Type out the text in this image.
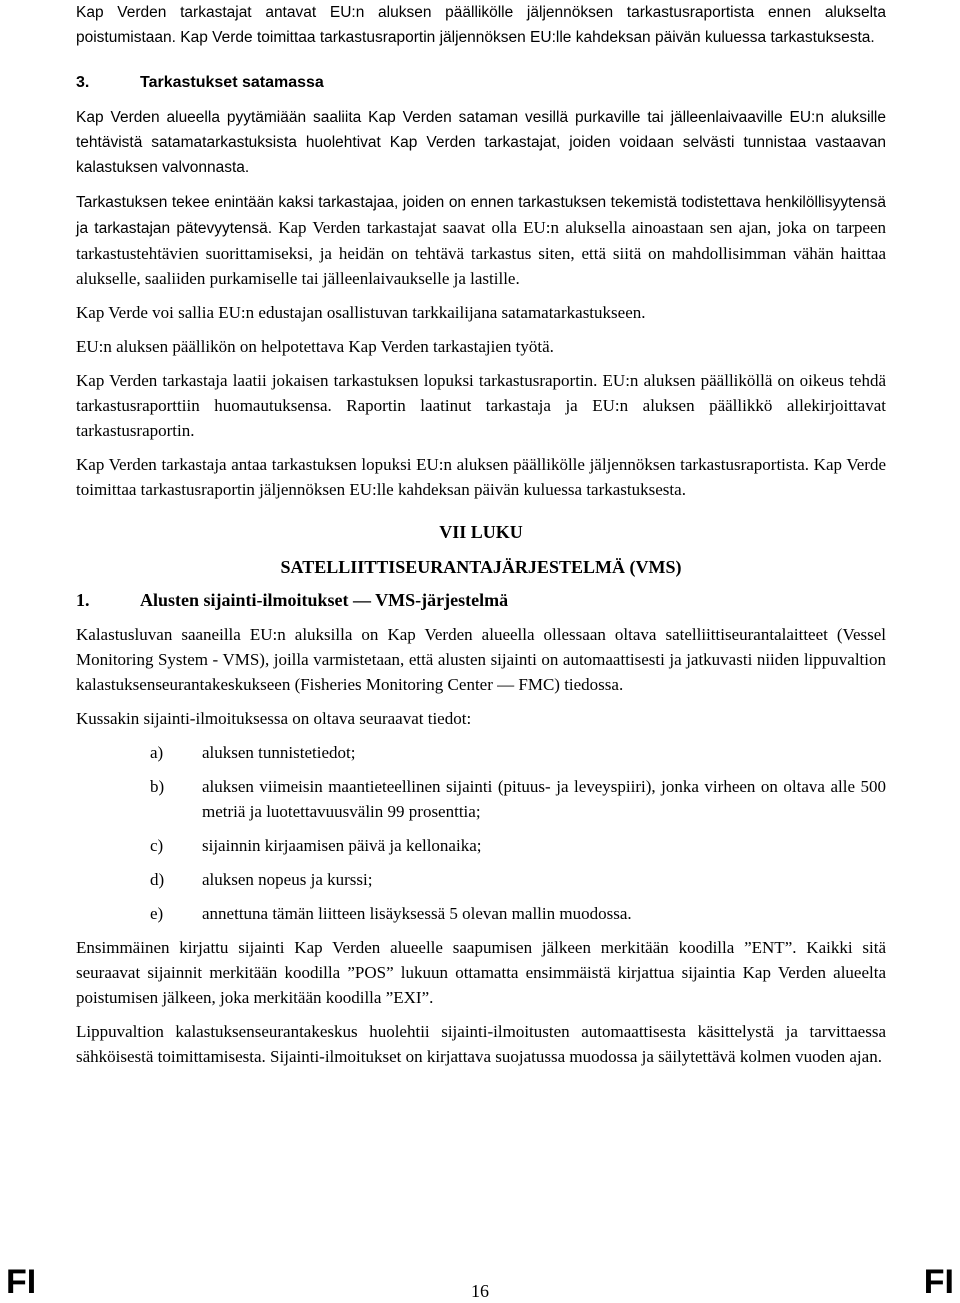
Kap Verden tarkastajat antavat EU:n aluksen päällikölle jäljennöksen tarkastusraportista ennen alukselta poistumistaan. Kap Verde toimittaa tarkastusraportin jäljennöksen EU:lle kahdeksan päivän kuluessa tarkastuksesta.

3.	Tarkastukset satamassa

Kap Verden alueella pyytämiään saaliita Kap Verden sataman vesillä purkaville tai jälleenlaivaaville EU:n aluksille tehtävistä satamatarkastuksista huolehtivat Kap Verden tarkastajat, joiden voidaan selvästi tunnistaa vastaavan kalastuksen valvonnasta.

Tarkastuksen tekee enintään kaksi tarkastajaa, joiden on ennen tarkastuksen tekemistä todistettava henkilöllisyytensä ja tarkastajan pätevyytensä. Kap Verden tarkastajat saavat olla EU:n aluksella ainoastaan sen ajan, joka on tarpeen tarkastustehtävien suorittamiseksi, ja heidän on tehtävä tarkastus siten, että siitä on mahdollisimman vähän haittaa alukselle, saaliiden purkamiselle tai jälleenlaivaukselle ja lastille.

Kap Verde voi sallia EU:n edustajan osallistuvan tarkkailijana satamatarkastukseen.

EU:n aluksen päällikön on helpotettava Kap Verden tarkastajien työtä.

Kap Verden tarkastaja laatii jokaisen tarkastuksen lopuksi tarkastusraportin. EU:n aluksen päälliköllä on oikeus tehdä tarkastusraporttiin huomautuksensa. Raportin laatinut tarkastaja ja EU:n aluksen päällikkö allekirjoittavat tarkastusraportin.

Kap Verden tarkastaja antaa tarkastuksen lopuksi EU:n aluksen päällikölle jäljennöksen tarkastusraportista. Kap Verde toimittaa tarkastusraportin jäljennöksen EU:lle kahdeksan päivän kuluessa tarkastuksesta.

VII LUKU
SATELLIITTISEURANTAJÄRJESTELMÄ (VMS)
1.	Alusten sijainti-ilmoitukset — VMS-järjestelmä

Kalastusluvan saaneilla EU:n aluksilla on Kap Verden alueella ollessaan oltava satelliittiseurantalaitteet (Vessel Monitoring System - VMS), joilla varmistetaan, että alusten sijainti on automaattisesti ja jatkuvasti niiden lippuvaltion kalastuksenseurantakeskukseen (Fisheries Monitoring Center — FMC) tiedossa.

Kussakin sijainti-ilmoituksessa on oltava seuraavat tiedot:

a)	aluksen tunnistetiedot;
b)	aluksen viimeisin maantieteellinen sijainti (pituus- ja leveyspiiri), jonka virheen on oltava alle 500 metriä ja luotettavuusvälin 99 prosenttia;
c)	sijainnin kirjaamisen päivä ja kellonaika;
d)	aluksen nopeus ja kurssi;
e)	annettuna tämän liitteen lisäyksessä 5 olevan mallin muodossa.

Ensimmäinen kirjattu sijainti Kap Verden alueelle saapumisen jälkeen merkitään koodilla ”ENT”. Kaikki sitä seuraavat sijainnit merkitään koodilla ”POS” lukuun ottamatta ensimmäistä kirjattua sijaintia Kap Verden alueelta poistumisen jälkeen, joka merkitään koodilla ”EXI”.

Lippuvaltion kalastuksenseurantakeskus huolehtii sijainti-ilmoitusten automaattisesta käsittelystä ja tarvittaessa sähköisestä toimittamisesta. Sijainti-ilmoitukset on kirjattava suojatussa muodossa ja säilytettävä kolmen vuoden ajan.

FI	16	FI
